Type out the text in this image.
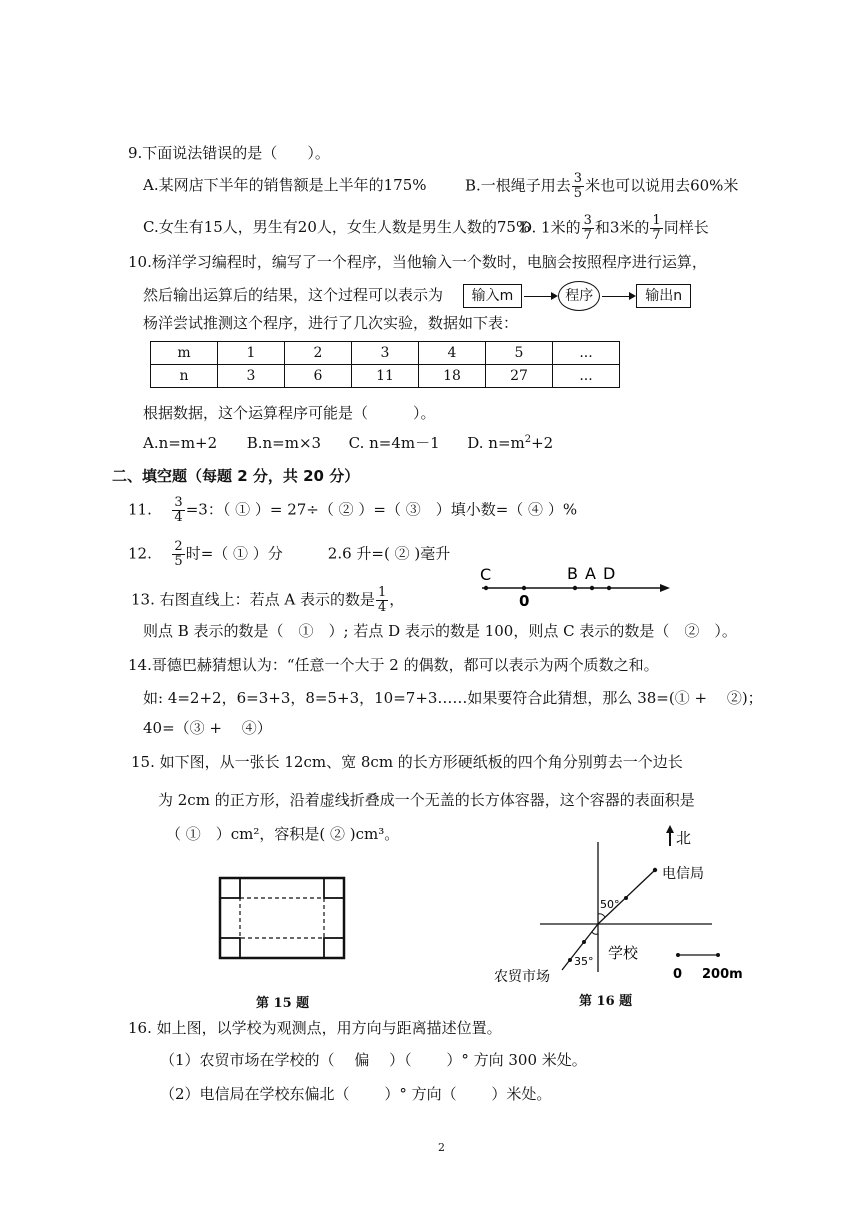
9.下面说法错误的是（　　）。
A.某网店下半年的销售额是上半年的175%	B.一根绳子用去 $\frac{3}{5}$ 米也可以说用去60%米
C.女生有15人，男生有20人，女生人数是男生人数的75%
D. 1米的 $\frac{3}{7}$ 和3米的 $\frac{1}{7}$ 同样长
10.杨洋学习编程时，编写了一个程序，当他输入一个数时，电脑会按照程序进行运算，
然后输出运算后的结果，这个过程可以表示为 输入m	程序	输出n
杨洋尝试推测这个程序，进行了几次实验，数据如下表：
m	1	2	3	4	5	...
n	3	6	11	18	27	...
根据数据，这个运算程序可能是（　　　）。
A.n=m+2 B.n=m×3 C. n=4m－1 D. $n=m^2+2$
二、填空题（每题 2 分，共 20 分）
11. $\frac{3}{4} =3$：（ ① ）= 27÷（ ② ）=（ ③　）填小数=（ ④ ）%
12. $\frac{2}{5}$ 时=（ ① ）分　　　2.6 升=( ② )毫升
C	B A D
0
13. 右图直线上：若点 A 表示的数是 $\frac{1}{4}$ ，
则点 B 表示的数是（　①　）; 若点 D 表示的数是 100，则点 C 表示的数是（　②　）。
14.哥德巴赫猜想认为：“任意一个大于 2 的偶数，都可以表示为两个质数之和。
如: 4=2+2，6=3+3，8=5+3，10=7+3……如果要符合此猜想，那么 38=(① +　 ②)；
40=（③ +　 ④）
15. 如下图，从一张长 12cm、宽 8cm 的长方形硬纸板的四个角分别剪去一个边长
为 2cm 的正方形，沿着虚线折叠成一个无盖的长方体容器，这个容器的表面积是
（ ①　）cm²，容积是( ② )cm³。
第 15 题
北
50°
35°
电信局
学校
农贸市场	0 200m
第 16 题
16. 如上图，以学校为观测点，用方向与距离描述位置。
（1）农贸市场在学校的（　 偏　 ）（　　 ）° 方向 300 米处。
（2）电信局在学校东偏北（　　 ）° 方向（　　 ）米处。
2
